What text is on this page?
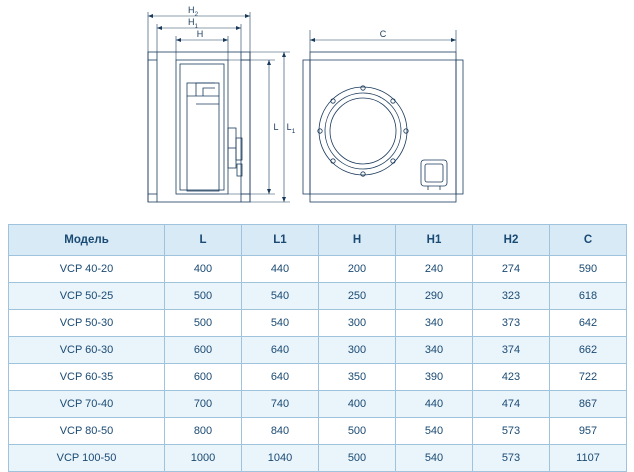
$H_2$
$H_1$
H
$L_1$
L
C
Модель	L	L1	H	H1	H2	C
VCP 40-20	400	440	200	240	274	590
VCP 50-25	500	540	250	290	323	618
VCP 50-30	500	540	300	340	373	642
VCP 60-30	600	640	300	340	374	662
VCP 60-35	600	640	350	390	423	722
VCP 70-40	700	740	400	440	474	867
VCP 80-50	800	840	500	540	573	957
VCP 100-50	1000	1040	500	540	573	1107
